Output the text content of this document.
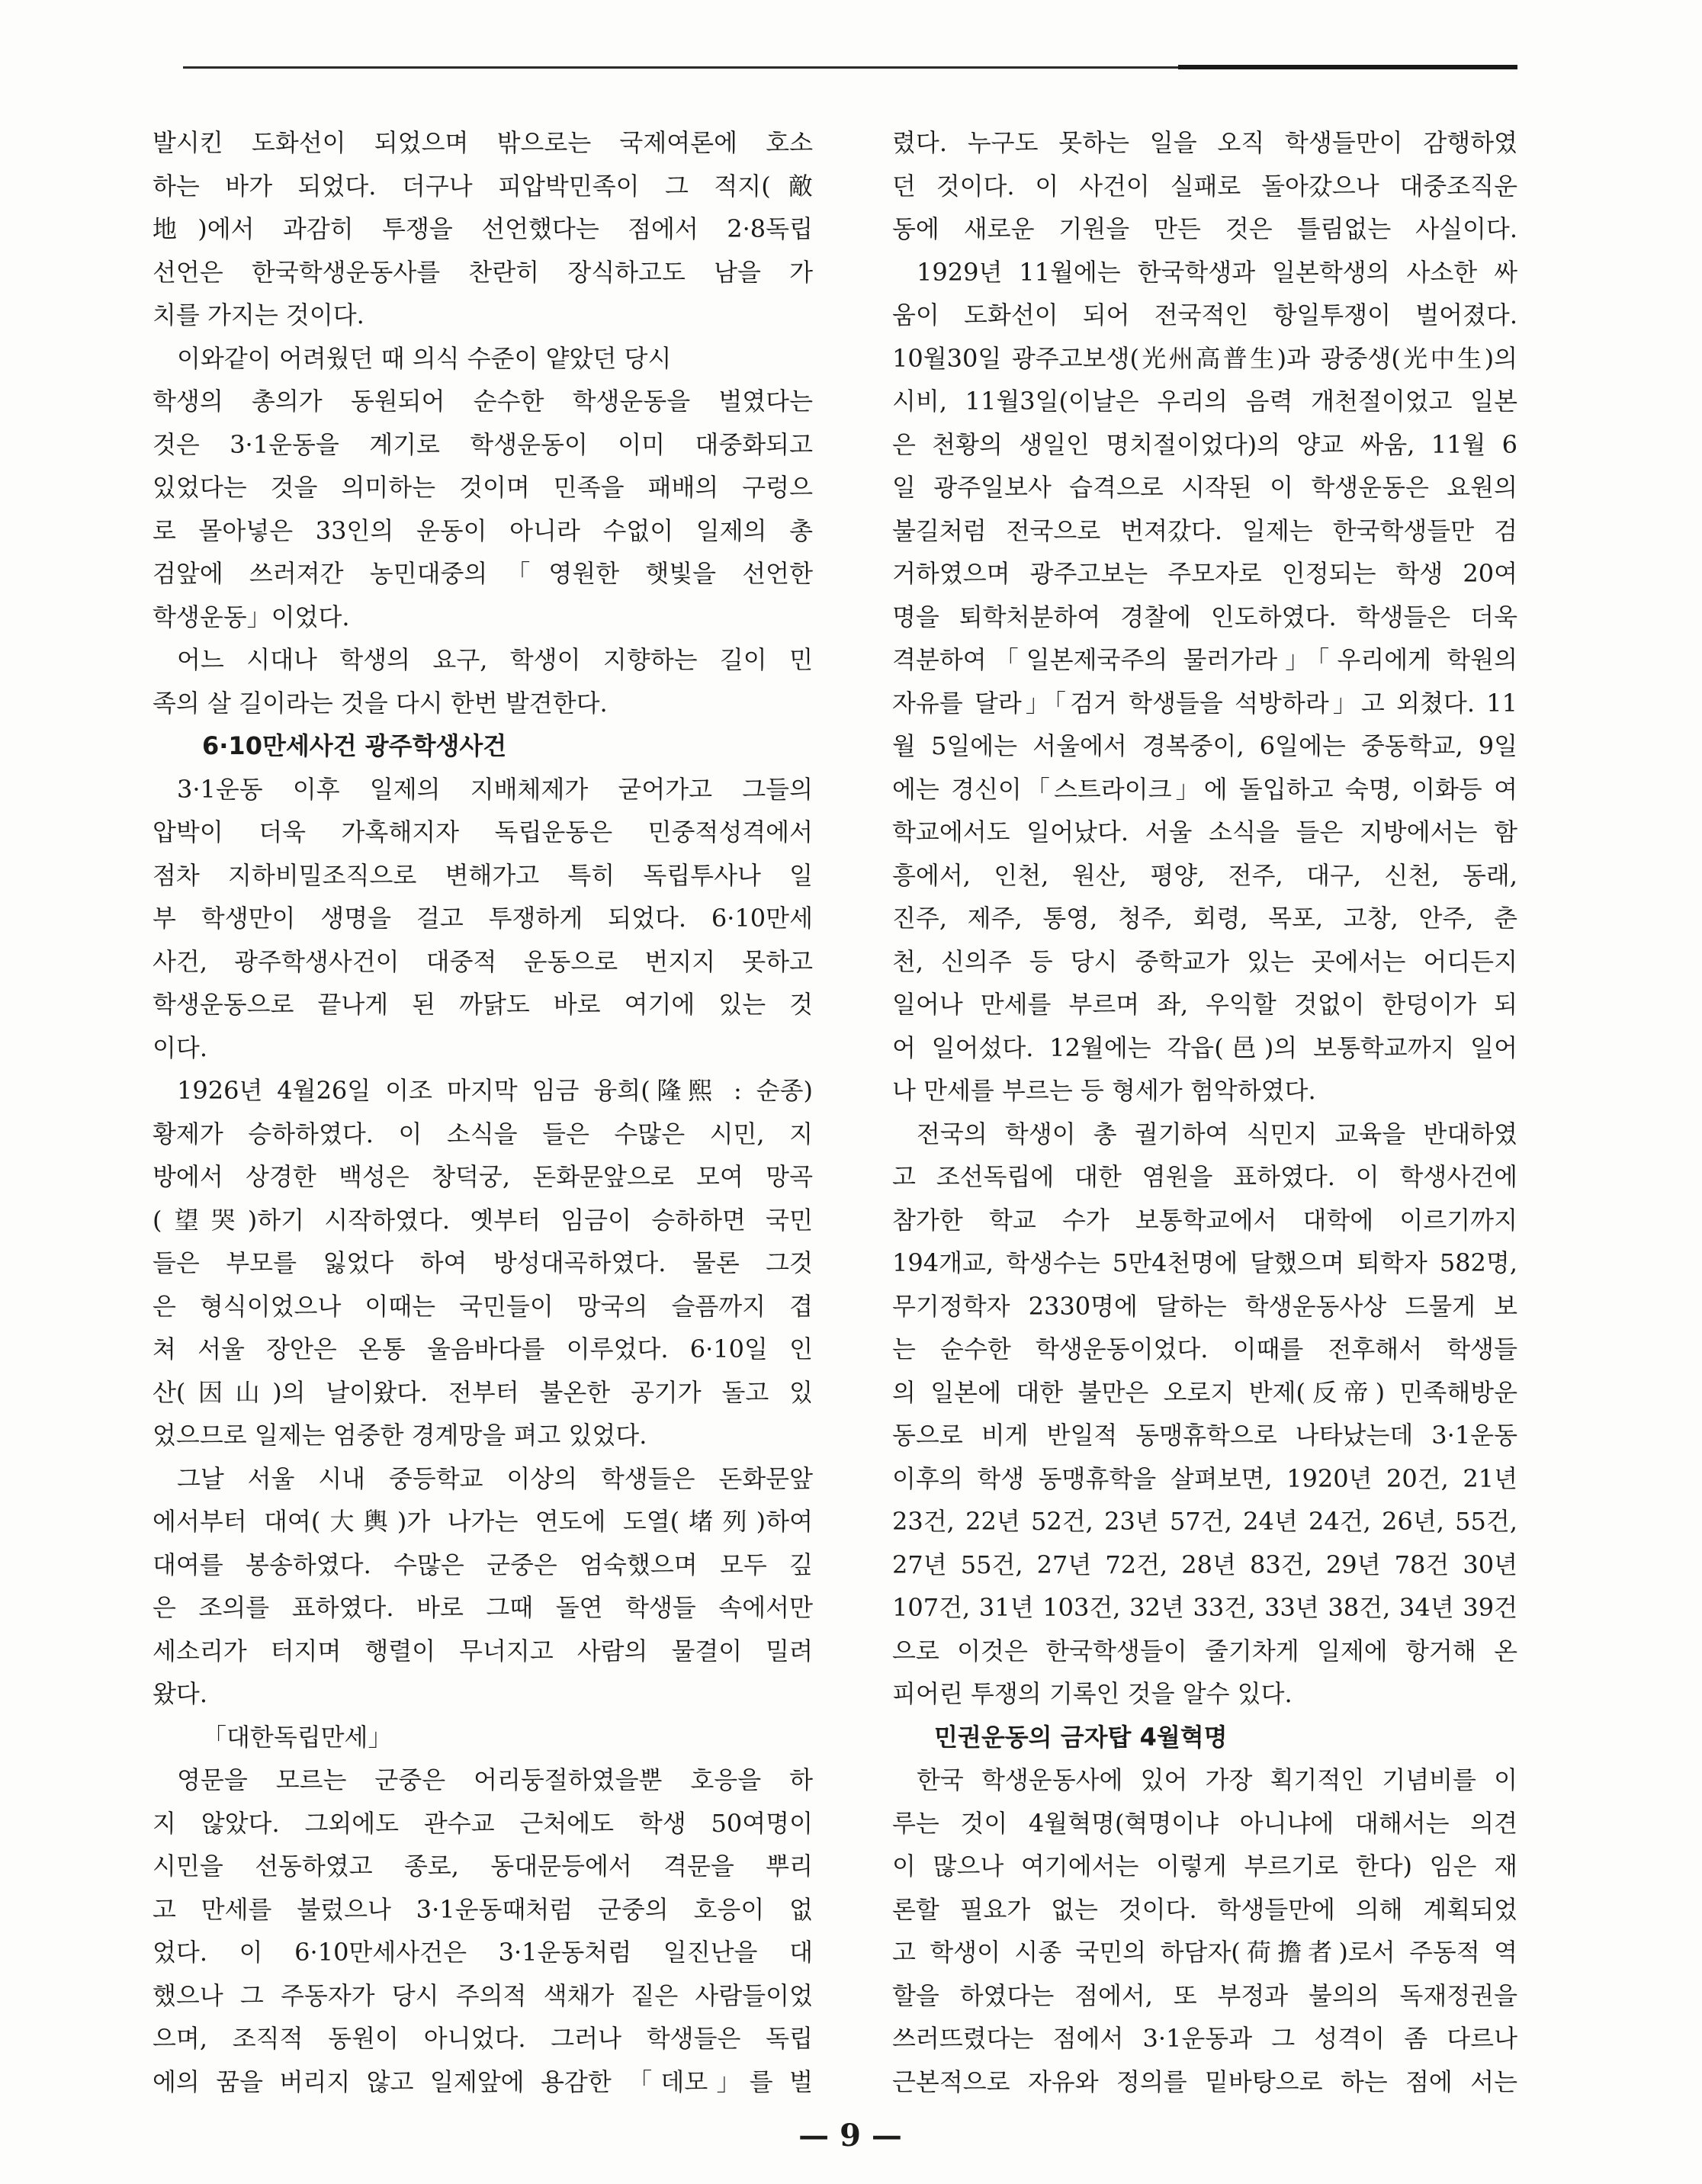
발시킨 도화선이 되었으며 밖으로는 국제여론에 호소
하는 바가 되었다. 더구나 피압박민족이 그 적지(敵
地)에서 과감히 투쟁을 선언했다는 점에서 2·8독립
선언은 한국학생운동사를 찬란히 장식하고도 남을 가
치를 가지는 것이다.
이와같이 어려웠던 때 의식 수준이 얕았던 당시
학생의 총의가 동원되어 순수한 학생운동을 벌였다는
것은 3·1운동을 계기로 학생운동이 이미 대중화되고
있었다는 것을 의미하는 것이며 민족을 패배의 구렁으
로 몰아넣은 33인의 운동이 아니라 수없이 일제의 총
검앞에 쓰러져간 농민대중의「영원한 햇빛을 선언한
학생운동」이었다.
어느 시대나 학생의 요구, 학생이 지향하는 길이 민
족의 살 길이라는 것을 다시 한번 발견한다.
6·10만세사건 광주학생사건
3·1운동 이후 일제의 지배체제가 굳어가고 그들의
압박이 더욱 가혹해지자 독립운동은 민중적성격에서
점차 지하비밀조직으로 변해가고 특히 독립투사나 일
부 학생만이 생명을 걸고 투쟁하게 되었다. 6·10만세
사건, 광주학생사건이 대중적 운동으로 번지지 못하고
학생운동으로 끝나게 된 까닭도 바로 여기에 있는 것
이다.
1926년 4월26일 이조 마지막 임금 융희(隆熙 : 순종)
황제가 승하하였다. 이 소식을 들은 수많은 시민, 지
방에서 상경한 백성은 창덕궁, 돈화문앞으로 모여 망곡
(望哭)하기 시작하였다. 옛부터 임금이 승하하면 국민
들은 부모를 잃었다 하여 방성대곡하였다. 물론 그것
은 형식이었으나 이때는 국민들이 망국의 슬픔까지 겹
쳐 서울 장안은 온통 울음바다를 이루었다. 6·10일 인
산(因山)의 날이왔다. 전부터 불온한 공기가 돌고 있
었으므로 일제는 엄중한 경계망을 펴고 있었다.
그날 서울 시내 중등학교 이상의 학생들은 돈화문앞
에서부터 대여(大輿)가 나가는 연도에 도열(堵列)하여
대여를 봉송하였다. 수많은 군중은 엄숙했으며 모두 깊
은 조의를 표하였다. 바로 그때 돌연 학생들 속에서만
세소리가 터지며 행렬이 무너지고 사람의 물결이 밀려
왔다.
「대한독립만세」
영문을 모르는 군중은 어리둥절하였을뿐 호응을 하
지 않았다. 그외에도 관수교 근처에도 학생 50여명이
시민을 선동하였고 종로, 동대문등에서 격문을 뿌리
고 만세를 불렀으나 3·1운동때처럼 군중의 호응이 없
었다. 이 6·10만세사건은 3·1운동처럼 일진난을 대
했으나 그 주동자가 당시 주의적 색채가 짙은 사람들이었
으며, 조직적 동원이 아니었다. 그러나 학생들은 독립
에의 꿈을 버리지 않고 일제앞에 용감한 「데모」를 벌
렸다. 누구도 못하는 일을 오직 학생들만이 감행하였
던 것이다. 이 사건이 실패로 돌아갔으나 대중조직운
동에 새로운 기원을 만든 것은 틀림없는 사실이다.
1929년 11월에는 한국학생과 일본학생의 사소한 싸
움이 도화선이 되어 전국적인 항일투쟁이 벌어졌다.
10월30일 광주고보생(光州高普生)과 광중생(光中生)의
시비, 11월3일(이날은 우리의 음력 개천절이었고 일본
은 천황의 생일인 명치절이었다)의 양교 싸움, 11월 6
일 광주일보사 습격으로 시작된 이 학생운동은 요원의
불길처럼 전국으로 번져갔다. 일제는 한국학생들만 검
거하였으며 광주고보는 주모자로 인정되는 학생 20여
명을 퇴학처분하여 경찰에 인도하였다. 학생들은 더욱
격분하여「일본제국주의 물러가라」「우리에게 학원의
자유를 달라」「검거 학생들을 석방하라」고 외쳤다. 11
월 5일에는 서울에서 경복중이, 6일에는 중동학교, 9일
에는 경신이「스트라이크」에 돌입하고 숙명, 이화등 여
학교에서도 일어났다. 서울 소식을 들은 지방에서는 함
흥에서, 인천, 원산, 평양, 전주, 대구, 신천, 동래,
진주, 제주, 통영, 청주, 회령, 목포, 고창, 안주, 춘
천, 신의주 등 당시 중학교가 있는 곳에서는 어디든지
일어나 만세를 부르며 좌, 우익할 것없이 한덩이가 되
어 일어섰다. 12월에는 각읍(邑)의 보통학교까지 일어
나 만세를 부르는 등 형세가 험악하였다.
전국의 학생이 총 궐기하여 식민지 교육을 반대하였
고 조선독립에 대한 염원을 표하였다. 이 학생사건에
참가한 학교 수가 보통학교에서 대학에 이르기까지
194개교, 학생수는 5만4천명에 달했으며 퇴학자 582명,
무기정학자 2330명에 달하는 학생운동사상 드물게 보
는 순수한 학생운동이었다. 이때를 전후해서 학생들
의 일본에 대한 불만은 오로지 반제(反帝) 민족해방운
동으로 비게 반일적 동맹휴학으로 나타났는데 3·1운동
이후의 학생 동맹휴학을 살펴보면, 1920년 20건, 21년
23건, 22년 52건, 23년 57건, 24년 24건, 26년, 55건,
27년 55건, 27년 72건, 28년 83건, 29년 78건 30년
107건, 31년 103건, 32년 33건, 33년 38건, 34년 39건
으로 이것은 한국학생들이 줄기차게 일제에 항거해 온
피어린 투쟁의 기록인 것을 알수 있다.
민권운동의 금자탑 4월혁명
한국 학생운동사에 있어 가장 획기적인 기념비를 이
루는 것이 4월혁명(혁명이냐 아니냐에 대해서는 의견
이 많으나 여기에서는 이렇게 부르기로 한다) 임은 재
론할 필요가 없는 것이다. 학생들만에 의해 계획되었
고 학생이 시종 국민의 하담자(荷擔者)로서 주동적 역
할을 하였다는 점에서, 또 부정과 불의의 독재정권을
쓰러뜨렸다는 점에서 3·1운동과 그 성격이 좀 다르나
근본적으로 자유와 정의를 밑바탕으로 하는 점에 서는
— 9 —
